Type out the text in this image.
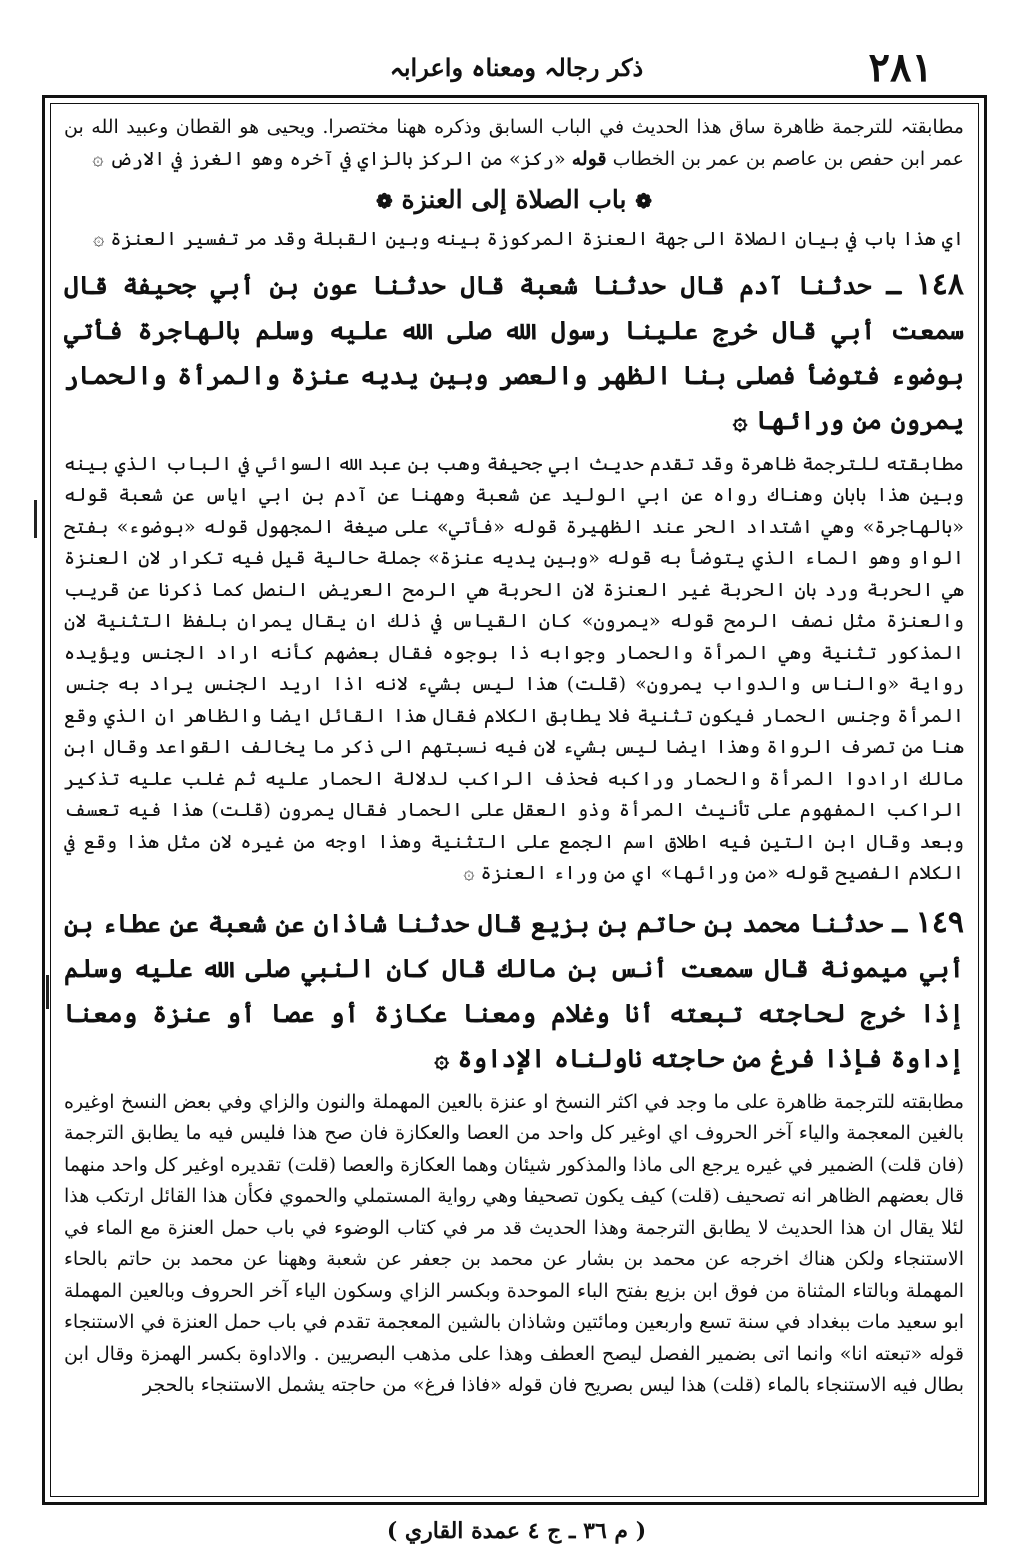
۲۸۱
ذکر رجالہ ومعناہ واعرابہ

مطابقتہ للترجمة ظاهرة ساق هذا الحديث في الباب السابق وذكره ههنا مختصرا. ويحيى هو القطان وعبيد الله بن عمر ابن حفص بن عاصم بن عمر بن الخطاب قوله «ركز» من الركز بالزاي في آخره وهو الغرز في الارض ۞

❁ باب الصلاة إلى العنزة ❁

اي هذا باب في بيان الصلاة الى جهة العنزة المركوزة بينه وبين القبلة وقد مر تفسير العنزة ۞

١٤٨ ـ حدثنا آدم قال حدثنا شعبة قال حدثنا عون بن أبي جحيفة قال سمعت أبي قال خرج علينا رسول الله صلى الله عليه وسلم بالهاجرة فأتي بوضوء فتوضأ فصلى بنا الظهر والعصر وبين يديه عنزة والمرأة والحمار يمرون من ورائها ۞

مطابقته للترجمة ظاهرة وقد تقدم حديث ابي جحيفة وهب بن عبد الله السوائي في الباب الذي بينه وبين هذا بابان وهناك رواه عن ابي الوليد عن شعبة وههنا عن آدم بن ابي اياس عن شعبة قوله «بالهاجرة» وهي اشتداد الحر عند الظهيرة قوله «فأتي» على صيغة المجهول قوله «بوضوء» بفتح الواو وهو الماء الذي يتوضأ به قوله «وبين يديه عنزة» جملة حالية قيل فيه تكرار لان العنزة هي الحربة ورد بان الحربة غير العنزة لان الحربة هي الرمح العريض النصل كما ذكرنا عن قريب والعنزة مثل نصف الرمح قوله «يمرون» كان القياس في ذلك ان يقال يمران بلفظ التثنية لان المذكور تثنية وهي المرأة والحمار وجوابه ذا بوجوه فقال بعضهم كأنه اراد الجنس ويؤيده رواية «والناس والدواب يمرون» (قلت) هذا ليس بشيء لانه اذا اريد الجنس يراد به جنس المرأة وجنس الحمار فيكون تثنية فلا يطابق الكلام فقال هذا القائل ايضا والظاهر ان الذي وقع هنا من تصرف الرواة وهذا ايضا ليس بشيء لان فيه نسبتهم الى ذكر ما يخالف القواعد وقال ابن مالك ارادوا المرأة والحمار وراكبه فحذف الراكب لدلالة الحمار عليه ثم غلب عليه تذكير الراكب المفهوم على تأنيث المرأة وذو العقل على الحمار فقال يمرون (قلت) هذا فيه تعسف وبعد وقال ابن التين فيه اطلاق اسم الجمع على التثنية وهذا اوجه من غيره لان مثل هذا وقع في الكلام الفصيح قوله «من ورائها» اي من وراء العنزة ۞

١٤٩ ـ حدثنا محمد بن حاتم بن بزيع قال حدثنا شاذان عن شعبة عن عطاء بن أبي ميمونة قال سمعت أنس بن مالك قال كان النبي صلى الله عليه وسلم إذا خرج لحاجته تبعته أنا وغلام ومعنا عكازة أو عصا أو عنزة ومعنا إداوة فإذا فرغ من حاجته ناولناه الإداوة ۞

مطابقته للترجمة ظاهرة على ما وجد في اكثر النسخ او عنزة بالعين المهملة والنون والزاي وفي بعض النسخ اوغيره بالغين المعجمة والياء آخر الحروف اي اوغير كل واحد من العصا والعكازة فان صح هذا فليس فيه ما يطابق الترجمة (فان قلت) الضمير في غيره يرجع الى ماذا والمذكور شيئان وهما العكازة والعصا (قلت) تقديره اوغير كل واحد منهما قال بعضهم الظاهر انه تصحيف (قلت) كيف يكون تصحيفا وهي رواية المستملي والحموي فكأن هذا القائل ارتكب هذا لئلا يقال ان هذا الحديث لا يطابق الترجمة وهذا الحديث قد مر في كتاب الوضوء في باب حمل العنزة مع الماء في الاستنجاء ولكن هناك اخرجه عن محمد بن بشار عن محمد بن جعفر عن شعبة وههنا عن محمد بن حاتم بالحاء المهملة وبالتاء المثناة من فوق ابن بزيع بفتح الباء الموحدة وبكسر الزاي وسكون الياء آخر الحروف وبالعين المهملة ابو سعيد مات ببغداد في سنة تسع واربعين ومائتين وشاذان بالشين المعجمة تقدم في باب حمل العنزة في الاستنجاء قوله «تبعته انا» وانما اتى بضمير الفصل ليصح العطف وهذا على مذهب البصريين . والاداوة بكسر الهمزة وقال ابن بطال فيه الاستنجاء بالماء (قلت) هذا ليس بصريح فان قوله «فاذا فرغ» من حاجته يشمل الاستنجاء بالحجر

( م ٣٦ ـ ج ٤ عمدة القاري )
